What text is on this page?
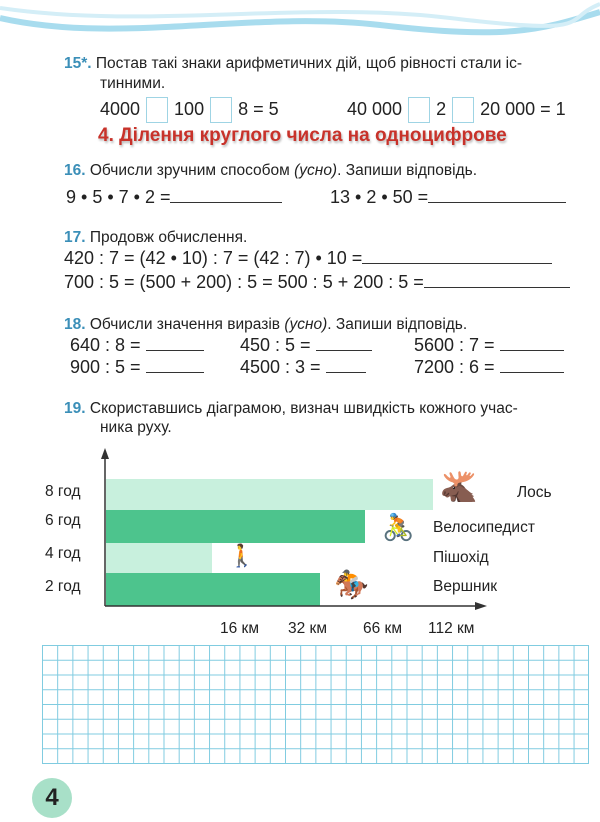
15*. Постав такі знаки арифметичних дій, щоб рівності стали іс-
тинними.
4000 100 8 = 5	40 000 2 20 000 = 1
4. Ділення круглого числа на одноцифрове
16. Обчисли зручним способом (усно). Запиши відповідь.
9 • 5 • 7 • 2 =	13 • 2 • 50 =
17. Продовж обчислення.
420 : 7 = (42 • 10) : 7 = (42 : 7) • 10 =
700 : 5 = (500 + 200) : 5 = 500 : 5 + 200 : 5 =
18. Обчисли значення виразів (усно). Запиши відповідь.
640 : 8 =	450 : 5 =	5600 : 7 =
900 : 5 =	4500 : 3 =	7200 : 6 =
19. Скориставшись діаграмою, визнач швидкість кожного учас-
ника руху.
8 год
6 год
4 год
2 год
Лось
Велосипедист
Пішохід
Вершник
🫎
🚴
🚶
🏇
16 км 32 км 66 км 112 км
4
